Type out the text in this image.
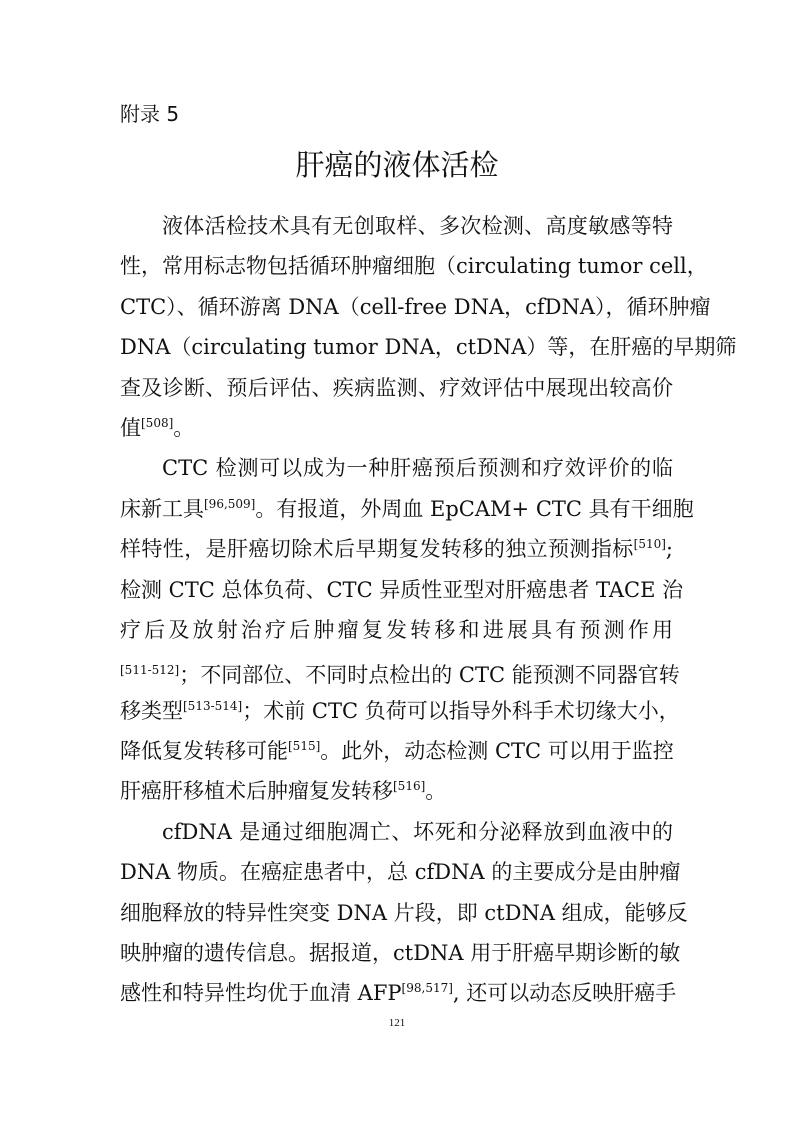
附录 5
肝癌的液体活检
液体活检技术具有无创取样、多次检测、高度敏感等特
性，常用标志物包括循环肿瘤细胞（circulating tumor cell，
CTC）、循环游离 DNA（cell-free DNA，cfDNA），循环肿瘤
DNA（circulating tumor DNA，ctDNA）等，在肝癌的早期筛
查及诊断、预后评估、疾病监测、疗效评估中展现出较高价
值[508]。
CTC 检测可以成为一种肝癌预后预测和疗效评价的临
床新工具[96,509]。有报道，外周血 EpCAM+ CTC 具有干细胞
样特性，是肝癌切除术后早期复发转移的独立预测指标[510];
检测 CTC 总体负荷、CTC 异质性亚型对肝癌患者 TACE 治
疗后及放射治疗后肿瘤复发转移和进展具有预测作用
[511-512]；不同部位、不同时点检出的 CTC 能预测不同器官转
移类型[513-514]；术前 CTC 负荷可以指导外科手术切缘大小，
降低复发转移可能[515]。此外，动态检测 CTC 可以用于监控
肝癌肝移植术后肿瘤复发转移[516]。
cfDNA 是通过细胞凋亡、坏死和分泌释放到血液中的
DNA 物质。在癌症患者中，总 cfDNA 的主要成分是由肿瘤
细胞释放的特异性突变 DNA 片段，即 ctDNA 组成，能够反
映肿瘤的遗传信息。据报道，ctDNA 用于肝癌早期诊断的敏
感性和特异性均优于血清 AFP[98,517], 还可以动态反映肝癌手
121
